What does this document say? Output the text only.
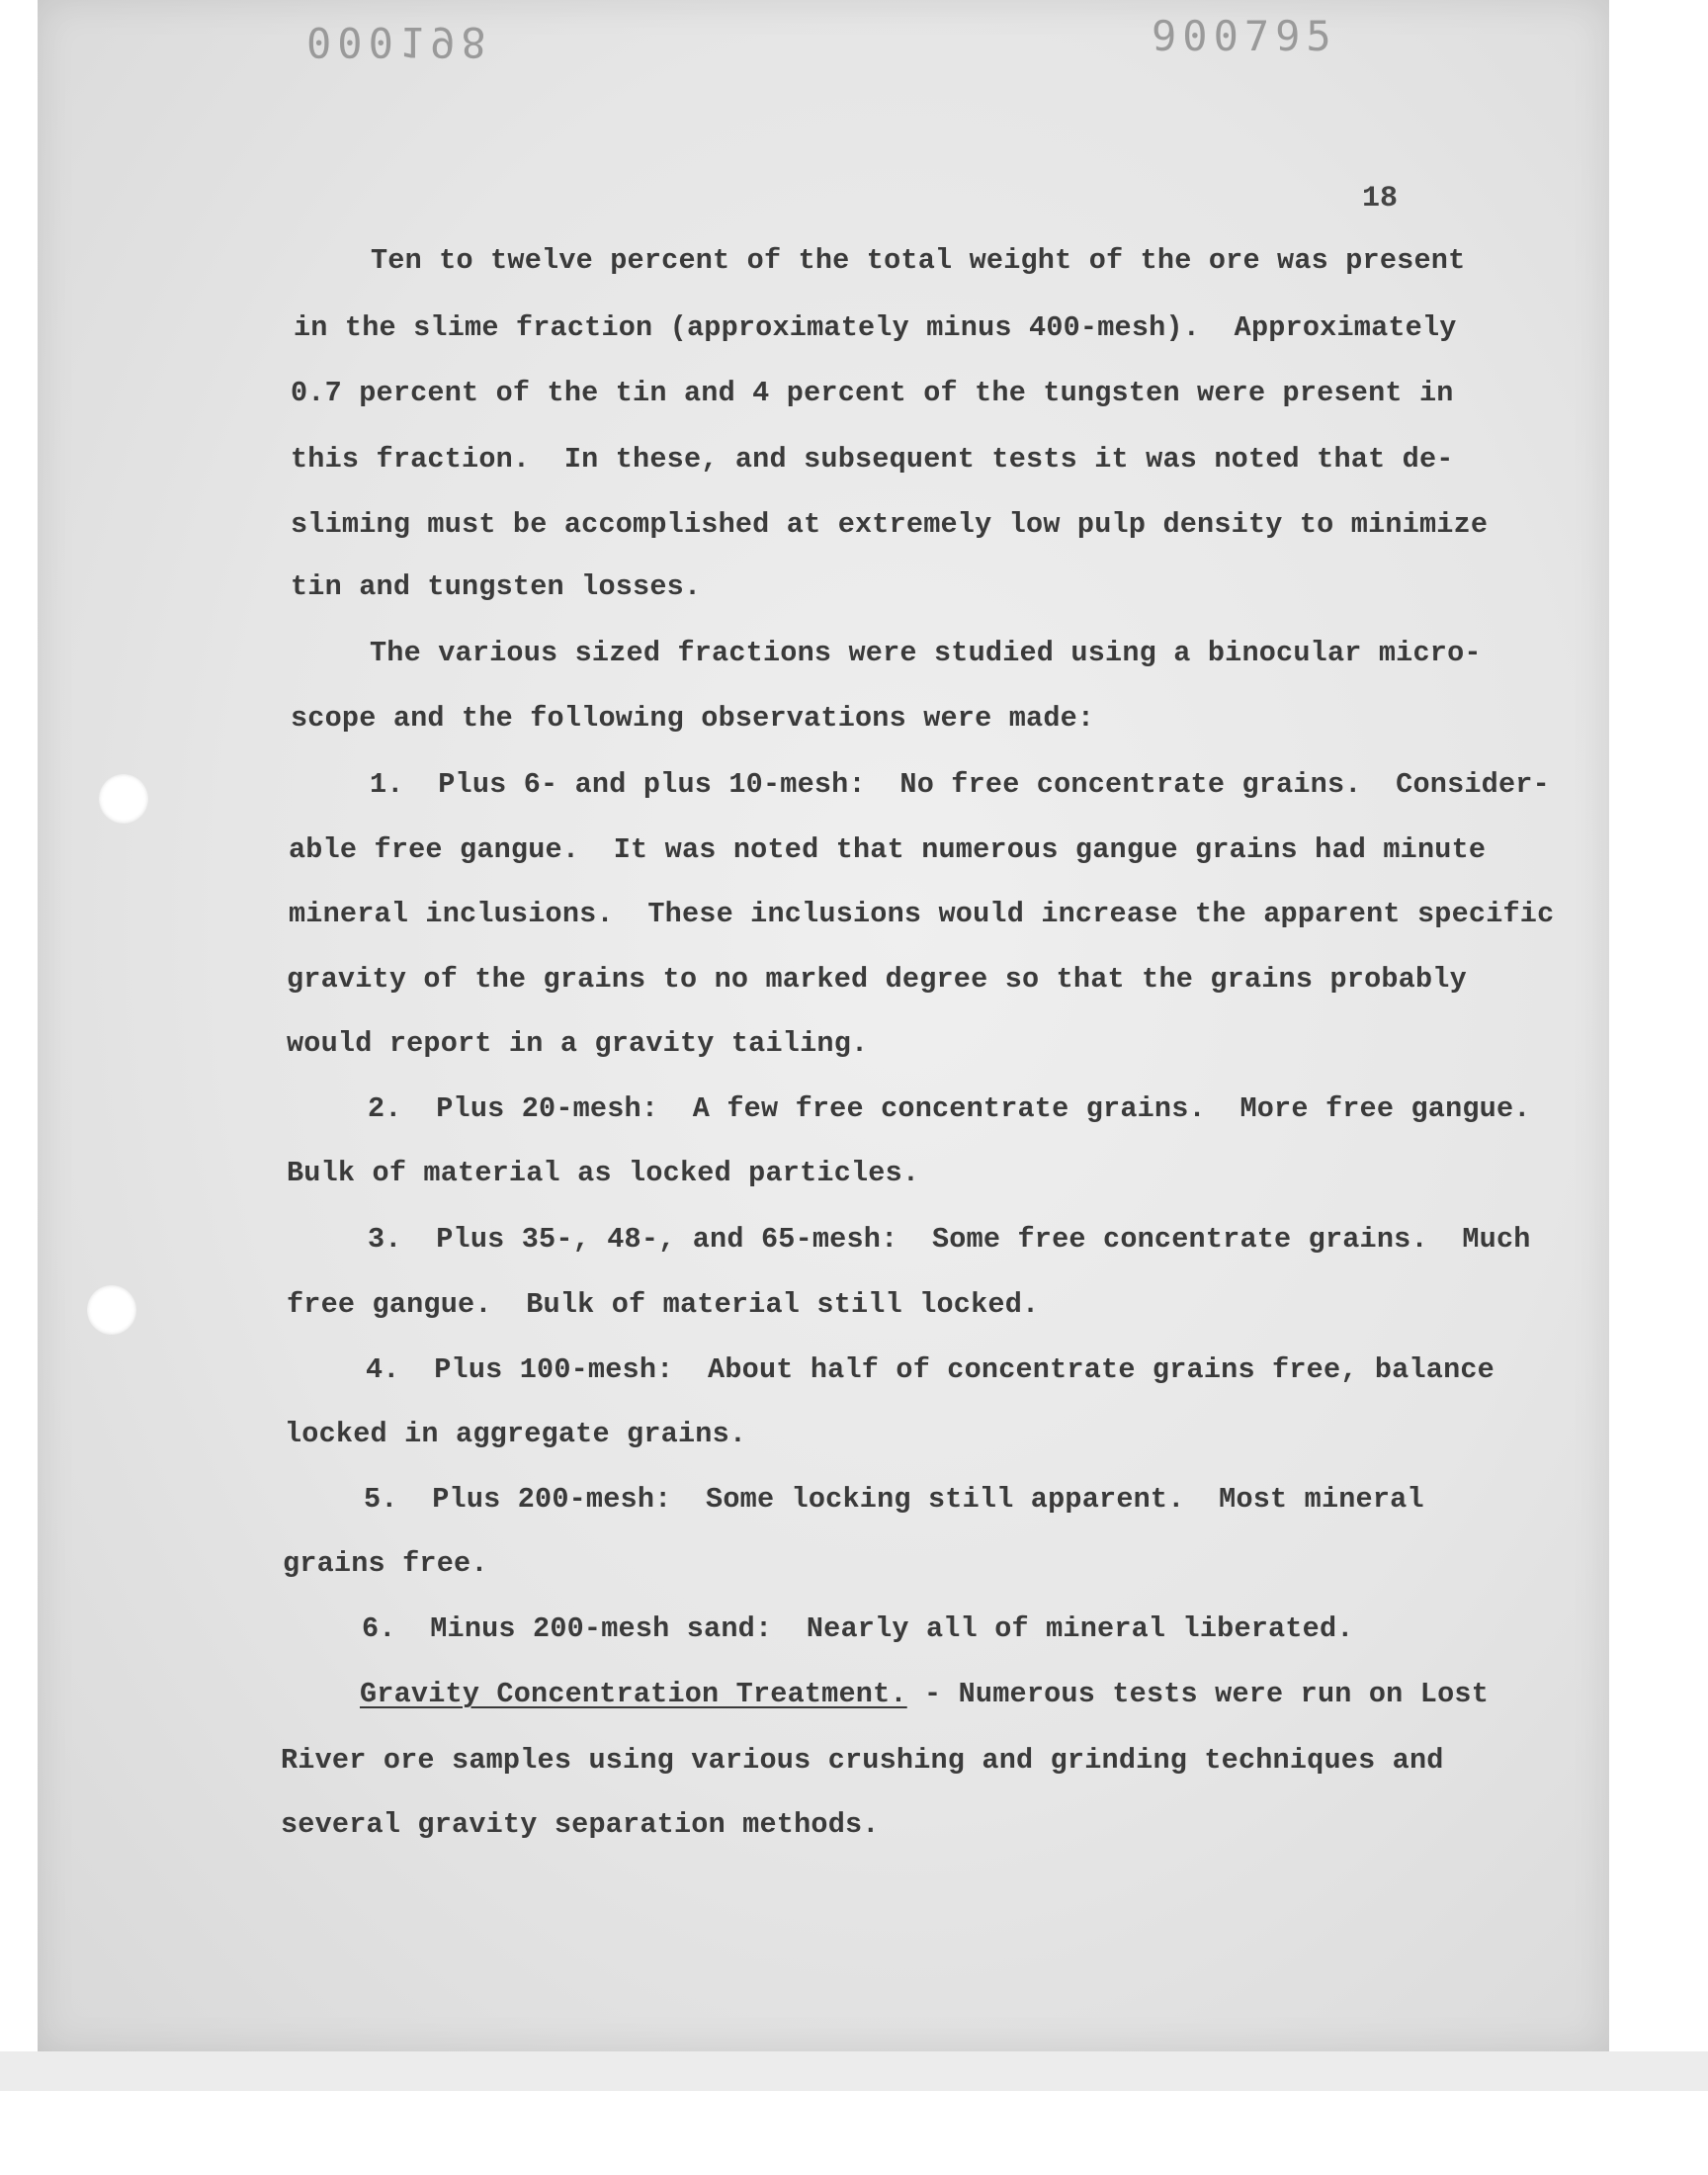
000198	900795
18
Ten to twelve percent of the total weight of the ore was present
in the slime fraction (approximately minus 400-mesh).  Approximately
0.7 percent of the tin and 4 percent of the tungsten were present in
this fraction.  In these, and subsequent tests it was noted that de-
sliming must be accomplished at extremely low pulp density to minimize
tin and tungsten losses.
The various sized fractions were studied using a binocular micro-
scope and the following observations were made:
1.  Plus 6- and plus 10-mesh:  No free concentrate grains.  Consider-
able free gangue.  It was noted that numerous gangue grains had minute
mineral inclusions.  These inclusions would increase the apparent specific
gravity of the grains to no marked degree so that the grains probably
would report in a gravity tailing.
2.  Plus 20-mesh:  A few free concentrate grains.  More free gangue.
Bulk of material as locked particles.
3.  Plus 35-, 48-, and 65-mesh:  Some free concentrate grains.  Much
free gangue.  Bulk of material still locked.
4.  Plus 100-mesh:  About half of concentrate grains free, balance
locked in aggregate grains.
5.  Plus 200-mesh:  Some locking still apparent.  Most mineral
grains free.
6.  Minus 200-mesh sand:  Nearly all of mineral liberated.
Gravity Concentration Treatment. - Numerous tests were run on Lost
River ore samples using various crushing and grinding techniques and
several gravity separation methods.
